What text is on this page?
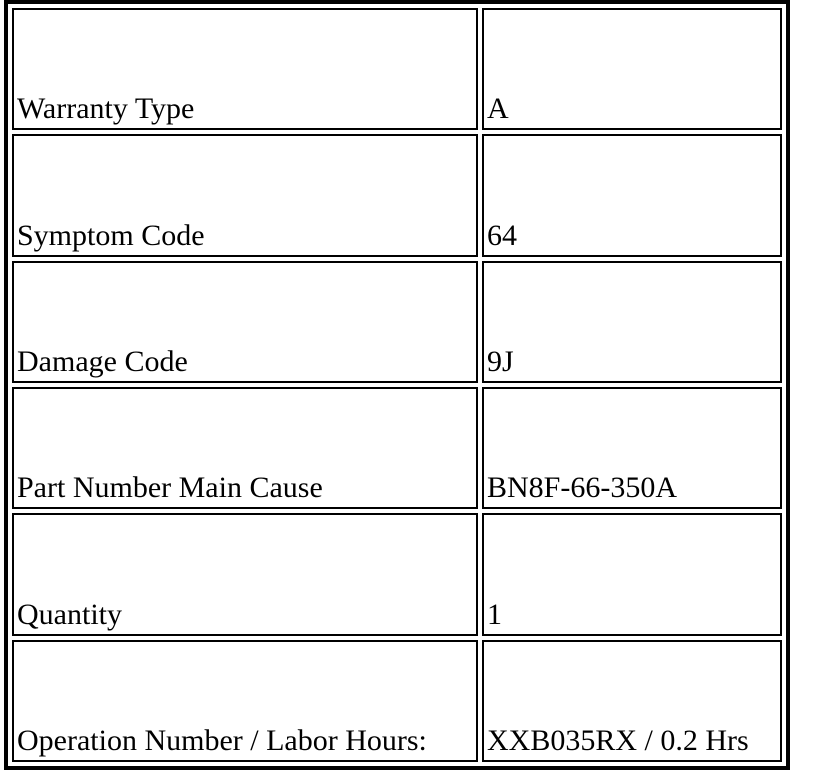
Warranty Type	A
Symptom Code	64
Damage Code	9J
Part Number Main Cause	BN8F-66-350A
Quantity	1
Operation Number / Labor Hours: XXB035RX / 0.2 Hrs
